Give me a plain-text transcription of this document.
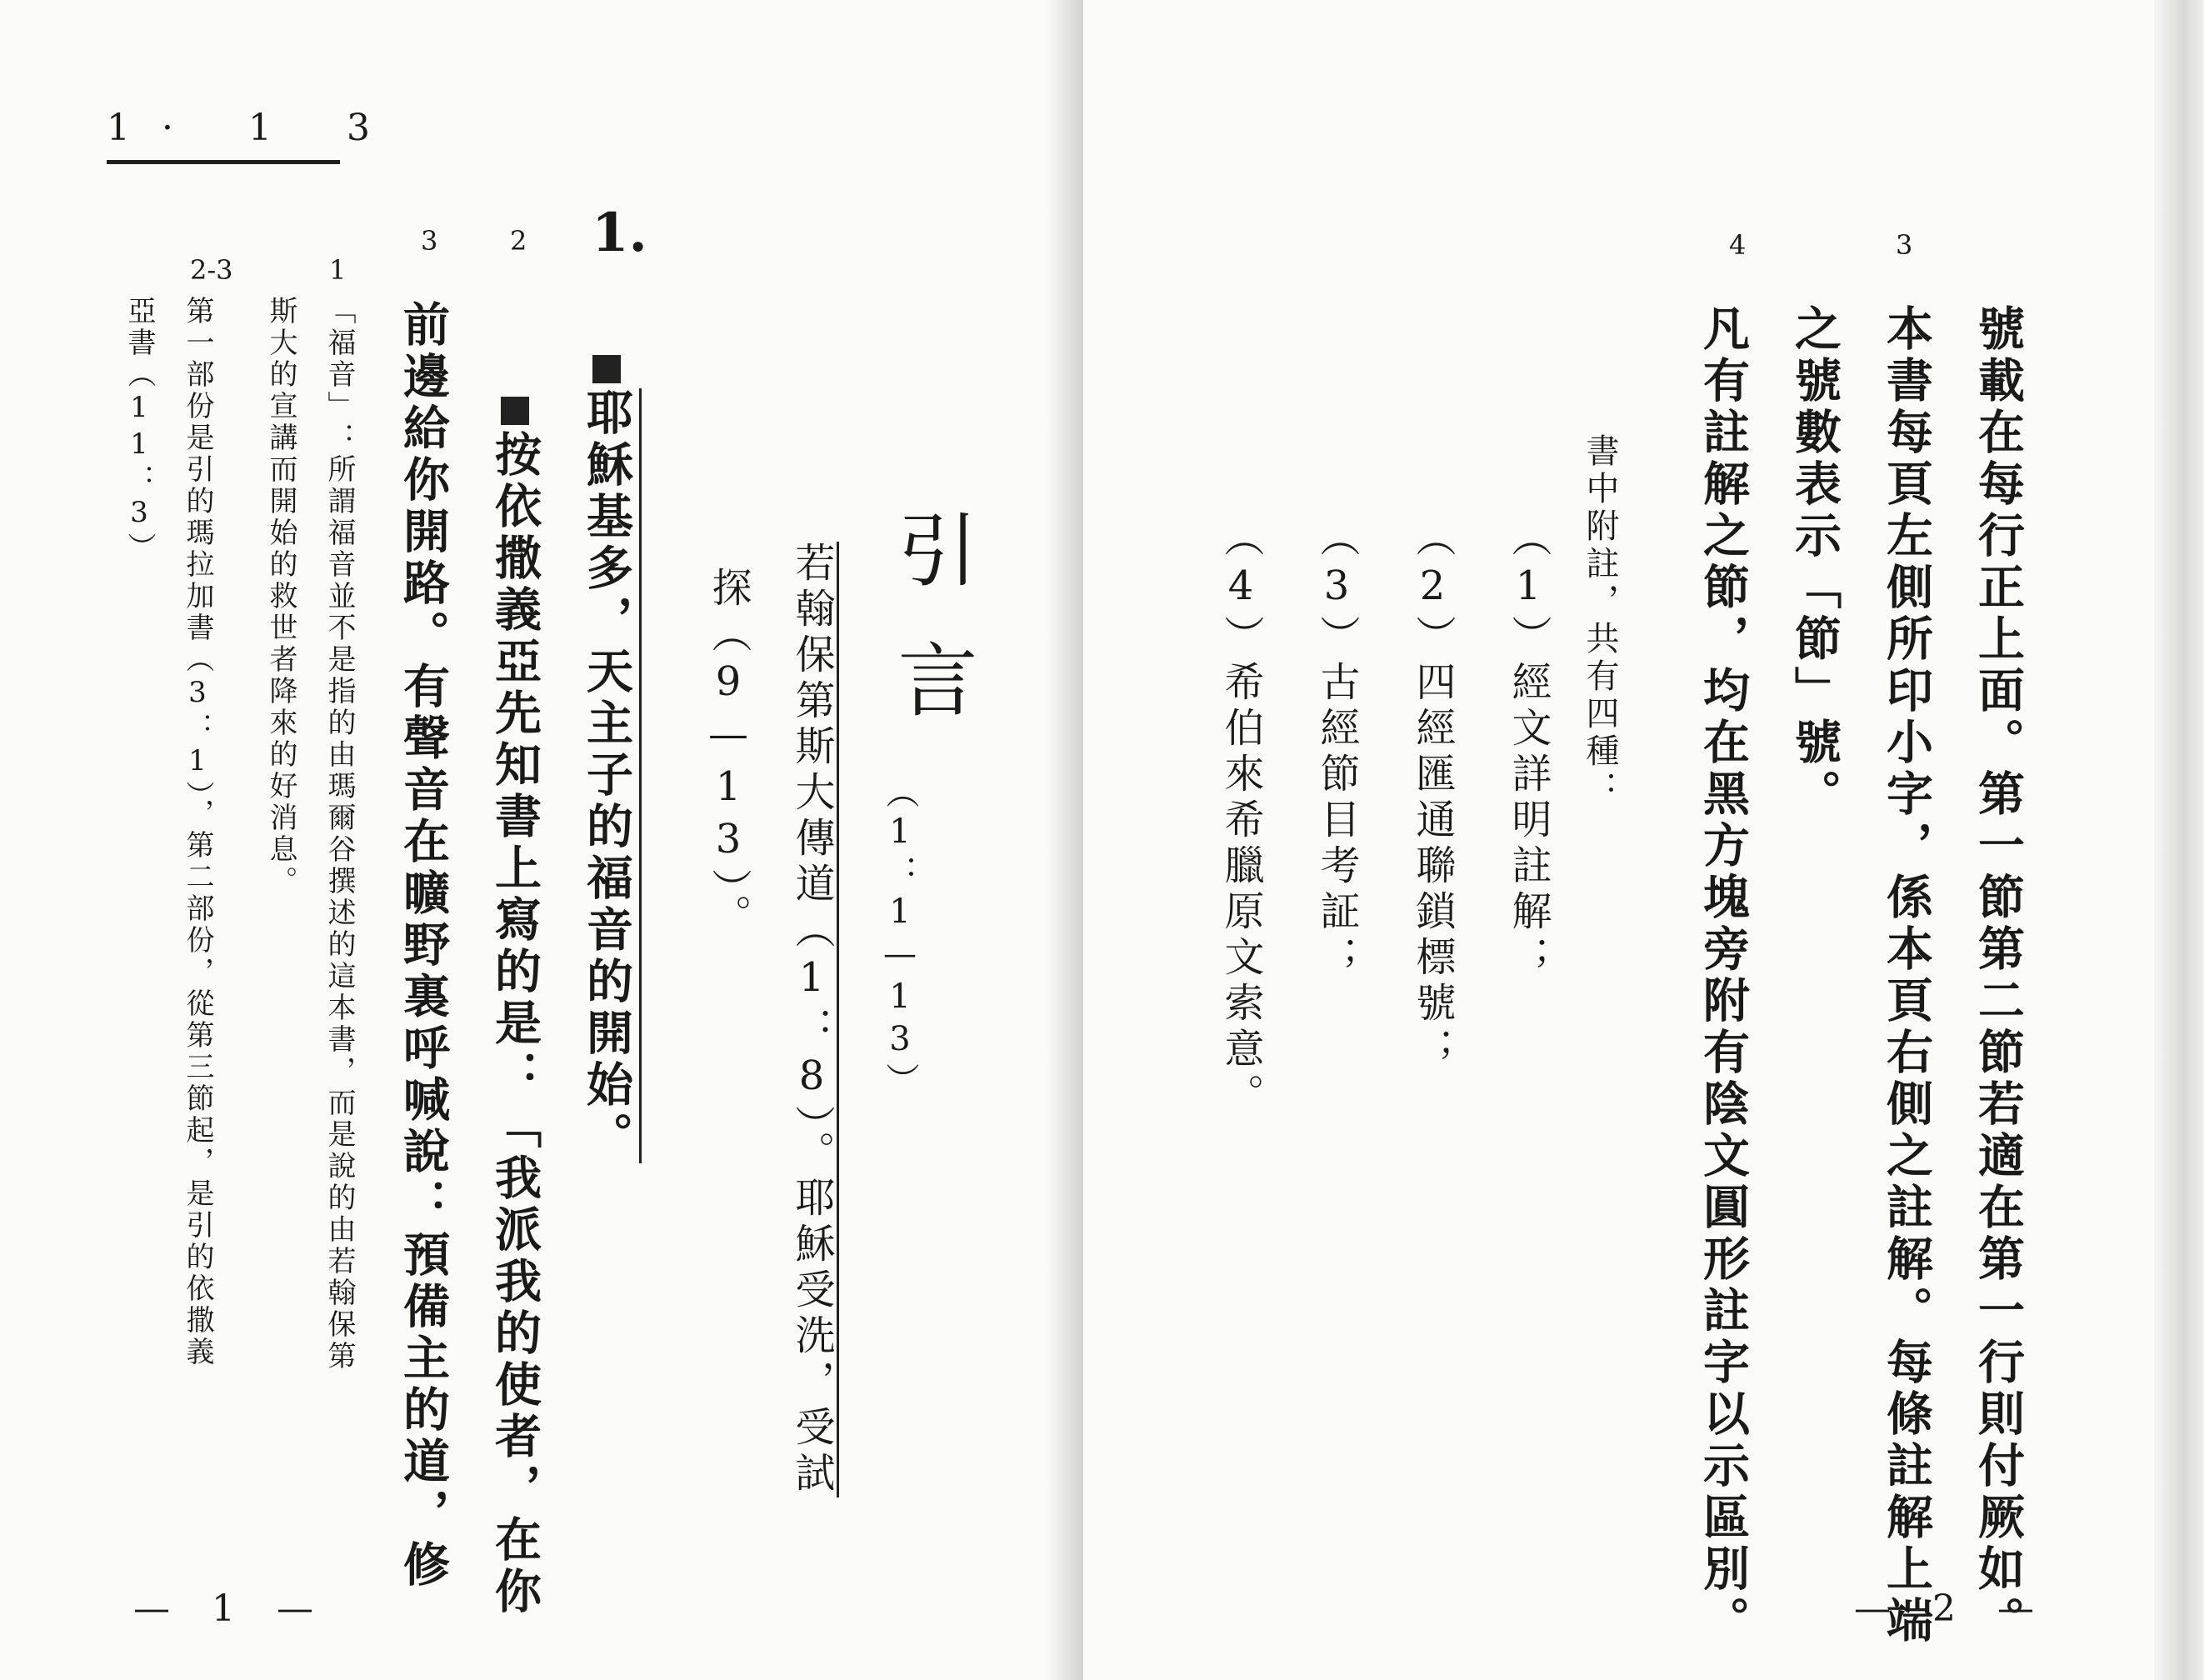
1· 1 3
若翰保第斯大傳道（1：8）。耶穌受洗，受試
探（9—13）。 引言
（1：1—13）
1.
耶穌基多，天主子的福音的開始。
2
按依撒義亞先知書上寫的是：「我派我的使者，在你
3
前邊給你開路。有聲音在曠野裏呼喊說：預備主的道，修
1
「福音」：所謂福音並不是指的由瑪爾谷撰述的這本書，而是說的由若翰保第
斯大的宣講而開始的救世者降來的好消息。
2-3
第一部份是引的瑪拉加書（3：1），第二部份，從第三節起，是引的依撒義
亞書（11：3）
— 1 —
3
號載在每行正上面。第一節第二節若適在第一行則付厥如。
本書每頁左側所印小字，係本頁右側之註解。每條註解上端
之號數表示「節」號。
4
凡有註解之節，均在黑方塊旁附有陰文圓形註字以示區別。
書中附註，共有四種：
（1）經文詳明註解；
（2）四經匯通聯鎖標號；
（3）古經節目考証；
（4）希伯來希臘原文索意。
— 2 —
